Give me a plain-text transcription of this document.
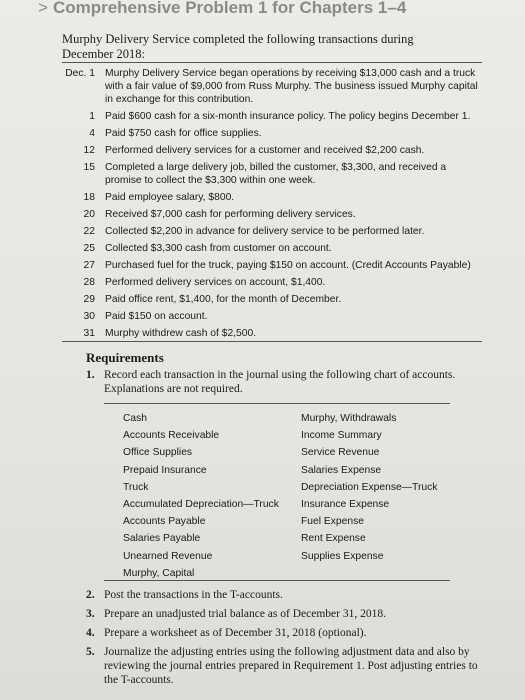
> Comprehensive Problem 1 for Chapters 1–4
Murphy Delivery Service completed the following transactions during December 2018:
Dec. 1 Murphy Delivery Service began operations by receiving $13,000 cash and a truck with a fair value of $9,000 from Russ Murphy. The business issued Murphy capital in exchange for this contribution.
1 Paid $600 cash for a six-month insurance policy. The policy begins December 1.
4 Paid $750 cash for office supplies.
12 Performed delivery services for a customer and received $2,200 cash.
15 Completed a large delivery job, billed the customer, $3,300, and received a promise to collect the $3,300 within one week.
18 Paid employee salary, $800.
20 Received $7,000 cash for performing delivery services.
22 Collected $2,200 in advance for delivery service to be performed later.
25 Collected $3,300 cash from customer on account.
27 Purchased fuel for the truck, paying $150 on account. (Credit Accounts Payable)
28 Performed delivery services on account, $1,400.
29 Paid office rent, $1,400, for the month of December.
30 Paid $150 on account.
31 Murphy withdrew cash of $2,500.
Requirements
1. Record each transaction in the journal using the following chart of accounts. Explanations are not required.
Cash
Accounts Receivable
Office Supplies
Prepaid Insurance
Truck
Accumulated Depreciation—Truck
Accounts Payable
Salaries Payable
Unearned Revenue
Murphy, Capital
Murphy, Withdrawals
Income Summary
Service Revenue
Salaries Expense
Depreciation Expense—Truck
Insurance Expense
Fuel Expense
Rent Expense
Supplies Expense
2. Post the transactions in the T-accounts.
3. Prepare an unadjusted trial balance as of December 31, 2018.
4. Prepare a worksheet as of December 31, 2018 (optional).
5. Journalize the adjusting entries using the following adjustment data and also by reviewing the journal entries prepared in Requirement 1. Post adjusting entries to the T-accounts.
